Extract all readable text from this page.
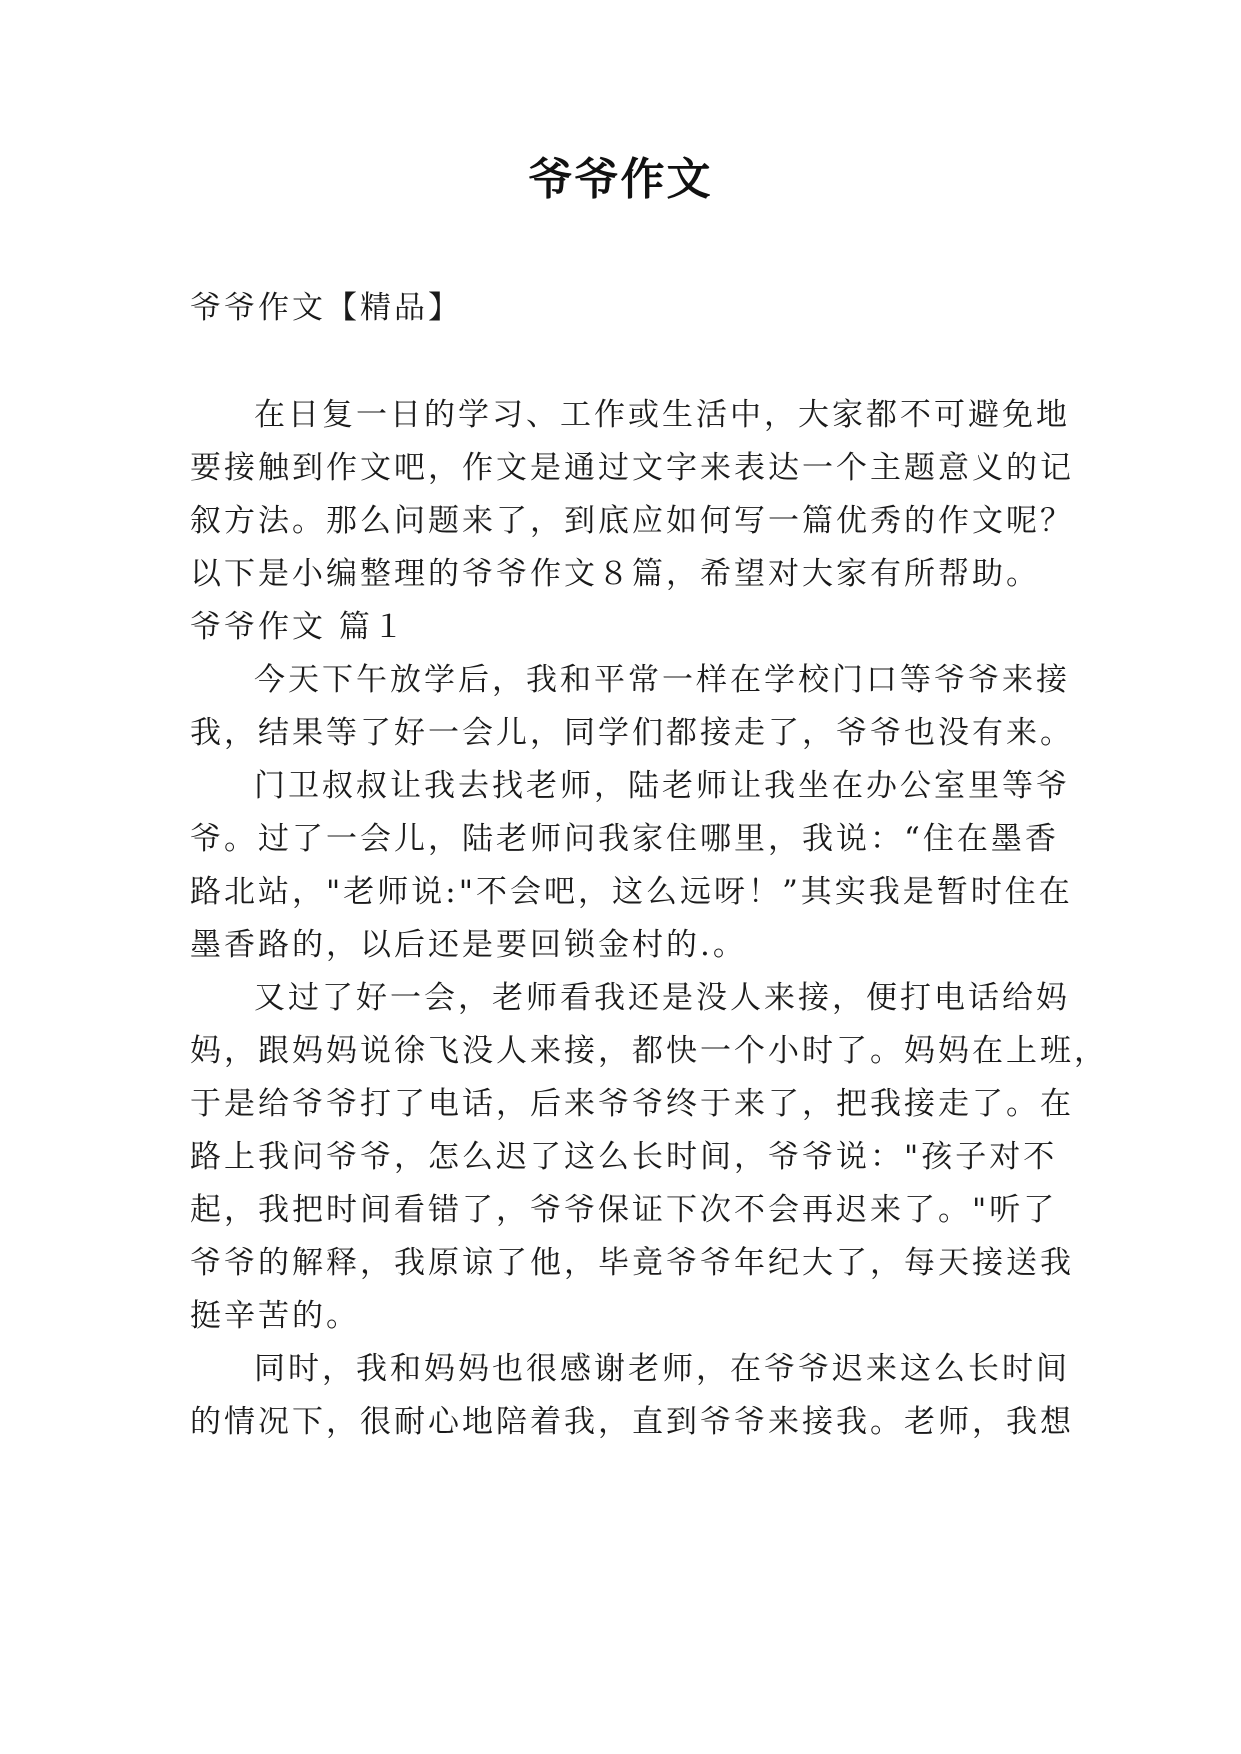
爷爷作文
爷爷作文【精品】
在日复一日的学习、工作或生活中，大家都不可避免地
要接触到作文吧，作文是通过文字来表达一个主题意义的记
叙方法。那么问题来了，到底应如何写一篇优秀的作文呢？
以下是小编整理的爷爷作文８篇，希望对大家有所帮助。
爷爷作文 篇１
今天下午放学后，我和平常一样在学校门口等爷爷来接
我，结果等了好一会儿，同学们都接走了，爷爷也没有来。
门卫叔叔让我去找老师，陆老师让我坐在办公室里等爷
爷。过了一会儿，陆老师问我家住哪里，我说：“住在墨香
路北站，"老师说:"不会吧，这么远呀！”其实我是暂时住在
墨香路的，以后还是要回锁金村的.。
又过了好一会，老师看我还是没人来接，便打电话给妈
妈，跟妈妈说徐飞没人来接，都快一个小时了。妈妈在上班，
于是给爷爷打了电话，后来爷爷终于来了，把我接走了。在
路上我问爷爷，怎么迟了这么长时间，爷爷说："孩子对不
起，我把时间看错了，爷爷保证下次不会再迟来了。"听了
爷爷的解释，我原谅了他，毕竟爷爷年纪大了，每天接送我
挺辛苦的。
同时，我和妈妈也很感谢老师，在爷爷迟来这么长时间
的情况下，很耐心地陪着我，直到爷爷来接我。老师，我想
